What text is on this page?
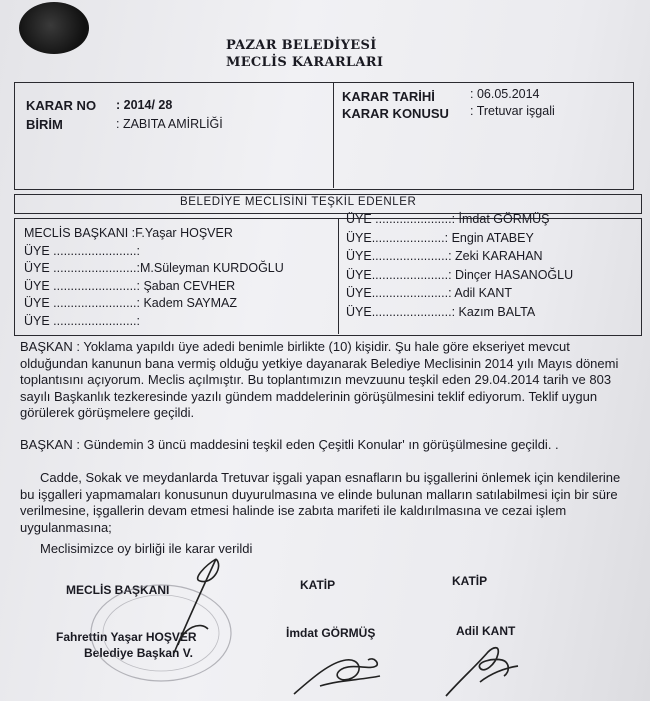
PAZAR BELEDİYESİ
MECLİS KARARLARI
KARAR NO : 2014/ 28
BİRİM	: ZABITA AMİRLİĞİ
KARAR TARİHİ	: 06.05.2014
KARAR KONUSU : Tretuvar işgali
BELEDİYE MECLİSİNİ TEŞKİL EDENLER
MECLİS BAŞKANI :F.Yaşar HOŞVER
ÜYE ........................:
ÜYE ........................:M.Süleyman KURDOĞLU
ÜYE ........................: Şaban CEVHER
ÜYE ........................: Kadem SAYMAZ
ÜYE ........................:
ÜYE ......................: İmdat GÖRMÜŞ
ÜYE.....................: Engin ATABEY
ÜYE......................: Zeki KARAHAN
ÜYE......................: Dinçer HASANOĞLU
ÜYE......................: Adil KANT
ÜYE.......................: Kazım BALTA
BAŞKAN : Yoklama yapıldı üye adedi benimle birlikte (10) kişidir. Şu hale göre ekseriyet mevcut olduğundan kanunun bana vermiş olduğu yetkiye dayanarak Belediye Meclisinin 2014 yılı Mayıs dönemi toplantısını açıyorum. Meclis açılmıştır. Bu toplantımızın mevzuunu teşkil eden 29.04.2014 tarih ve 803 sayılı Başkanlık tezkeresinde yazılı gündem maddelerinin görüşülmesini teklif ediyorum. Teklif uygun görülerek görüşmelere geçildi.
BAŞKAN : Gündemin 3 üncü maddesini teşkil eden Çeşitli Konular' ın görüşülmesine geçildi. .
Cadde, Sokak ve meydanlarda Tretuvar işgali yapan esnafların bu işgallerini önlemek için kendilerine bu işgalleri yapmamaları konusunun duyurulmasına ve elinde bulunan malların satılabilmesi için bir süre verilmesine, işgallerin devam etmesi halinde ise zabıta marifeti ile kaldırılmasına ve cezai işlem uygulanmasına;
Meclisimizce oy birliği ile karar verildi
MECLİS BAŞKANI
Fahrettin Yaşar HOŞVER
Belediye Başkan V.
KATİP
İmdat GÖRMÜŞ
KATİP
Adil KANT
